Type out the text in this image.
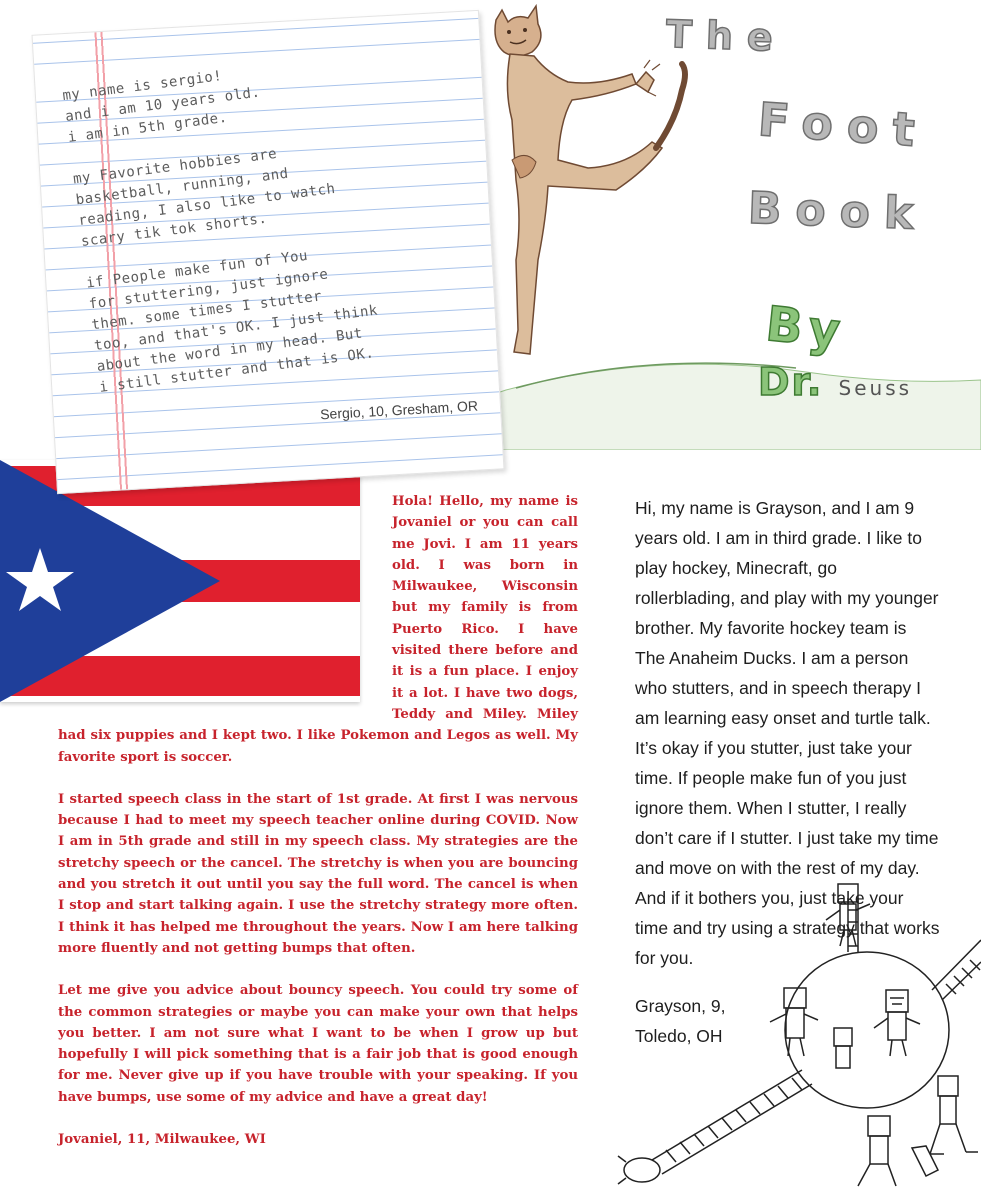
The
Foot
Book
By
Dr. Seuss
my name is sergio!
and i am 10 years old.
i am in 5th grade.

my Favorite hobbies are
basketball, running, and
reading, I also like to watch
scary tik tok shorts.

if People make fun of You
for stuttering, just ignore
them. some times I stutter
too, and that's OK. I just think
about the word in my head. But
i still stutter and that is OK.
Sergio, 10, Gresham, OR

Hola! Hello, my name is Jovaniel or you can call me Jovi. I am 11 years old. I was born in Milwaukee, Wisconsin but my family is from Puerto Rico. I have visited there before and it is a fun place. I enjoy it a lot. I have two dogs, Teddy and Miley. Miley had six puppies and I kept two. I like Pokemon and Legos as well. My favorite sport is soccer.

I started speech class in the start of 1st grade. At first I was nervous because I had to meet my speech teacher online during COVID. Now I am in 5th grade and still in my speech class. My strategies are the stretchy speech or the cancel. The stretchy is when you are bouncing and you stretch it out until you say the full word. The cancel is when I stop and start talking again. I use the stretchy strategy more often. I think it has helped me throughout the years. Now I am here talking more fluently and not getting bumps that often.

Let me give you advice about bouncy speech. You could try some of the common strategies or maybe you can make your own that helps you better. I am not sure what I want to be when I grow up but hopefully I will pick something that is a fair job that is good enough for me. Never give up if you have trouble with your speaking. If you have bumps, use some of my advice and have a great day!

Jovaniel, 11, Milwaukee, WI

Hi, my name is Grayson, and I am 9 years old. I am in third grade. I like to play hockey, Minecraft, go rollerblading, and play with my younger brother. My favorite hockey team is The Anaheim Ducks. I am a person who stutters, and in speech therapy I am learning easy onset and turtle talk. It’s okay if you stutter, just take your time. If people make fun of you just ignore them. When I stutter, I really don’t care if I stutter. I just take my time and move on with the rest of my day. And if it bothers you, just take your time and try using a strategy that works for you.

Grayson, 9,

Toledo, OH
